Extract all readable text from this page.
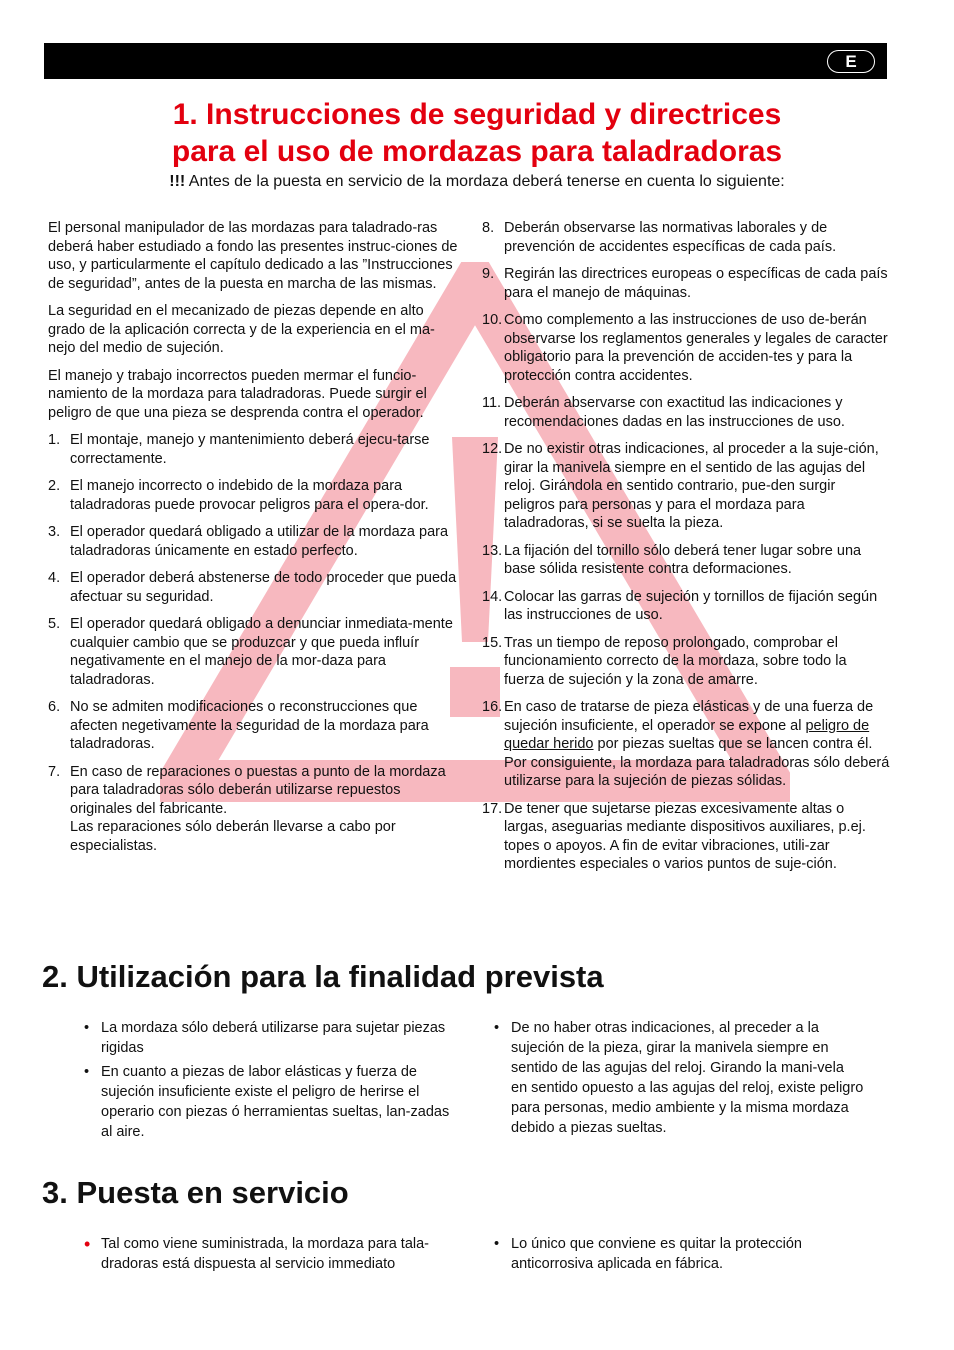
E
1. Instrucciones de seguridad y directrices
para el uso de mordazas para taladradoras
!!! Antes de la puesta en servicio de la mordaza deberá tenerse en cuenta lo siguiente:

El personal manipulador de las mordazas para taladrado-ras deberá haber estudiado a fondo las presentes instruc-ciones de uso, y particularmente el capítulo dedicado a las ”Instrucciones de seguridad”, antes de la puesta en marcha de las mismas.

La seguridad en el mecanizado de piezas depende en alto grado de la aplicación correcta y de la experiencia en el ma-nejo del medio de sujeción.

El manejo y trabajo incorrectos pueden mermar el funcio-namiento de la mordaza para taladradoras. Puede surgir el peligro de que una pieza se desprenda contra el operador.

1. El montaje, manejo y mantenimiento deberá ejecu-tarse correctamente.
2. El manejo incorrecto o indebido de la mordaza para taladradoras puede provocar peligros para el opera-dor.
3. El operador quedará obligado a utilizar de la mordaza para taladradoras únicamente en estado perfecto.
4. El operador deberá abstenerse de todo proceder que pueda afectuar su seguridad.
5. El operador quedará obligado a denunciar inmediata-mente cualquier cambio que se produzcar y que pueda influír negativamente en el manejo de la mor-daza para taladradoras.
6. No se admiten modificaciones o reconstrucciones que afecten negetivamente la seguridad de la mordaza para taladradoras.
7. En caso de reparaciones o puestas a punto de la mordaza para taladradoras sólo deberán utilizarse repuestos originales del fabricante.
Las reparaciones sólo deberán llevarse a cabo por especialistas.
8. Deberán observarse las normativas laborales y de prevención de accidentes específicas de cada país.
9. Regirán las directrices europeas o específicas de cada país para el manejo de máquinas.
10. Como complemento a las instrucciones de uso de-berán observarse los reglamentos generales y legales de caracter obligatorio para la prevención de acciden-tes y para la protección contra accidentes.
11. Deberán abservarse con exactitud las indicaciones y recomendaciones dadas en las instrucciones de uso.
12. De no existir otras indicaciones, al proceder a la suje-ción, girar la manivela siempre en el sentido de las agujas del reloj. Girándola en sentido contrario, pue-den surgir peligros para personas y para el mordaza para taladradoras, si se suelta la pieza.
13. La fijación del tornillo sólo deberá tener lugar sobre una base sólida resistente contra deformaciones.
14. Colocar las garras de sujeción y tornillos de fijación según las instrucciones de uso.
15. Tras un tiempo de reposo prolongado, comprobar el funcionamiento correcto de la mordaza, sobre todo la fuerza de sujeción y la zona de amarre.
16. En caso de tratarse de pieza elásticas y de una fuerza de sujeción insuficiente, el operador se expone al peligro de quedar herido por piezas sueltas que se lancen contra él. Por consiguiente, la mordaza para taladradoras sólo deberá utilizarse para la sujeción de piezas sólidas.
17. De tener que sujetarse piezas excesivamente altas o largas, aseguarias mediante dispositivos auxiliares, p.ej. topes o apoyos. A fin de evitar vibraciones, utili-zar mordientes especiales o varios puntos de suje-ción.
2. Utilización para la finalidad prevista
• La mordaza sólo deberá utilizarse para sujetar piezas rigidas
• En cuanto a piezas de labor elásticas y fuerza de sujeción insuficiente existe el peligro de herirse el operario con piezas ó herramientas sueltas, lan-zadas al aire.
• De no haber otras indicaciones, al preceder a la sujeción de la pieza, girar la manivela siempre en sentido de las agujas del reloj. Girando la mani-vela en sentido opuesto a las agujas del reloj, existe peligro para personas, medio ambiente y la misma mordaza debido a piezas sueltas.
3. Puesta en servicio
• Tal como viene suministrada, la mordaza para tala-dradoras está dispuesta al servicio immediato
• Lo único que conviene es quitar la protección anticorrosiva aplicada en fábrica.
